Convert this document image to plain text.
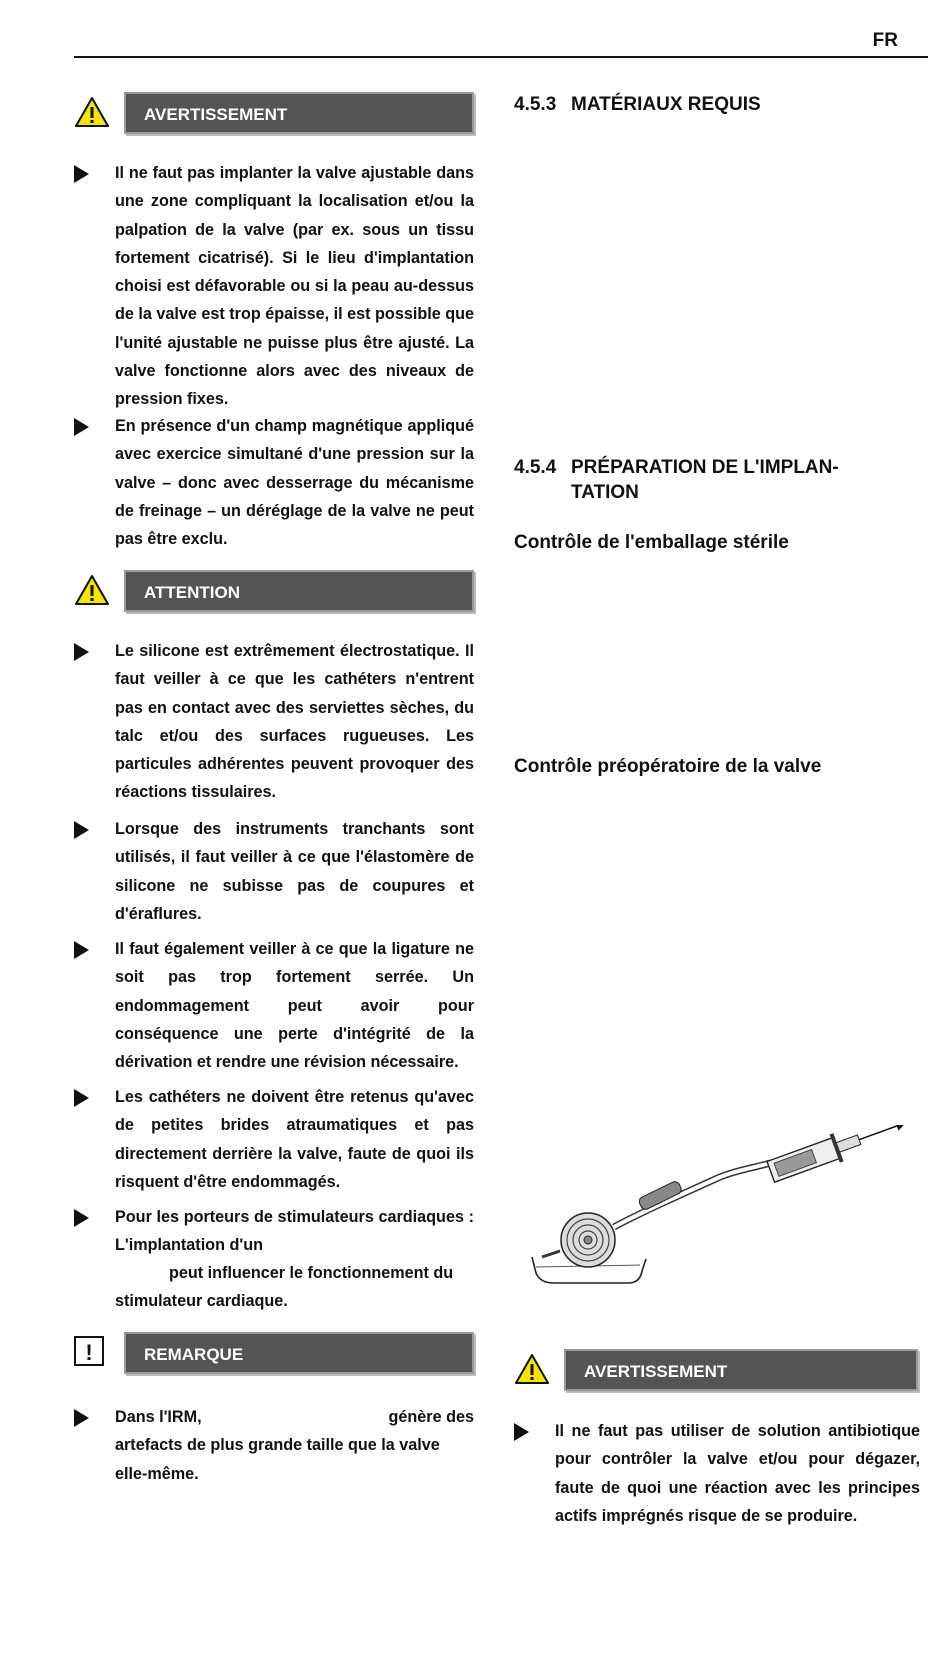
FR
AVERTISSEMENT
Il ne faut pas implanter la valve ajustable dans une zone compliquant la localisation et/ou la palpation de la valve (par ex. sous un tissu fortement cicatrisé). Si le lieu d'implantation choisi est défavorable ou si la peau au-dessus de la valve est trop épaisse, il est possible que l'unité ajustable ne puisse plus être ajusté. La valve fonctionne alors avec des niveaux de pression fixes.
En présence d'un champ magnétique appliqué avec exercice simultané d'une pression sur la valve – donc avec desserrage du mécanisme de freinage – un déréglage de la valve ne peut pas être exclu.
ATTENTION
Le silicone est extrêmement électrostatique. Il faut veiller à ce que les cathéters n'entrent pas en contact avec des serviettes sèches, du talc et/ou des surfaces rugueuses. Les particules adhérentes peuvent provoquer des réactions tissulaires.
Lorsque des instruments tranchants sont utilisés, il faut veiller à ce que l'élastomère de silicone ne subisse pas de coupures et d'éraflures.
Il faut également veiller à ce que la ligature ne soit pas trop fortement serrée. Un endommagement peut avoir pour conséquence une perte d'intégrité de la dérivation et rendre une révision nécessaire.
Les cathéters ne doivent être retenus qu'avec de petites brides atraumatiques et pas directement derrière la valve, faute de quoi ils risquent d'être endommagés.
Pour les porteurs de stimulateurs cardiaques : L'implantation d'un
peut influencer le fonctionnement du stimulateur cardiaque.
!	REMARQUE
Dans l'IRM,	génère des

artefacts de plus grande taille que la valve elle-même.
4.5.3 MATÉRIAUX REQUIS
4.5.4 PRÉPARATION DE L'IMPLAN-
TATION
Contrôle de l'emballage stérile
Contrôle préopératoire de la valve
AVERTISSEMENT
Il ne faut pas utiliser de solution antibiotique pour contrôler la valve et/ou pour dégazer, faute de quoi une réaction avec les principes actifs imprégnés risque de se produire.
